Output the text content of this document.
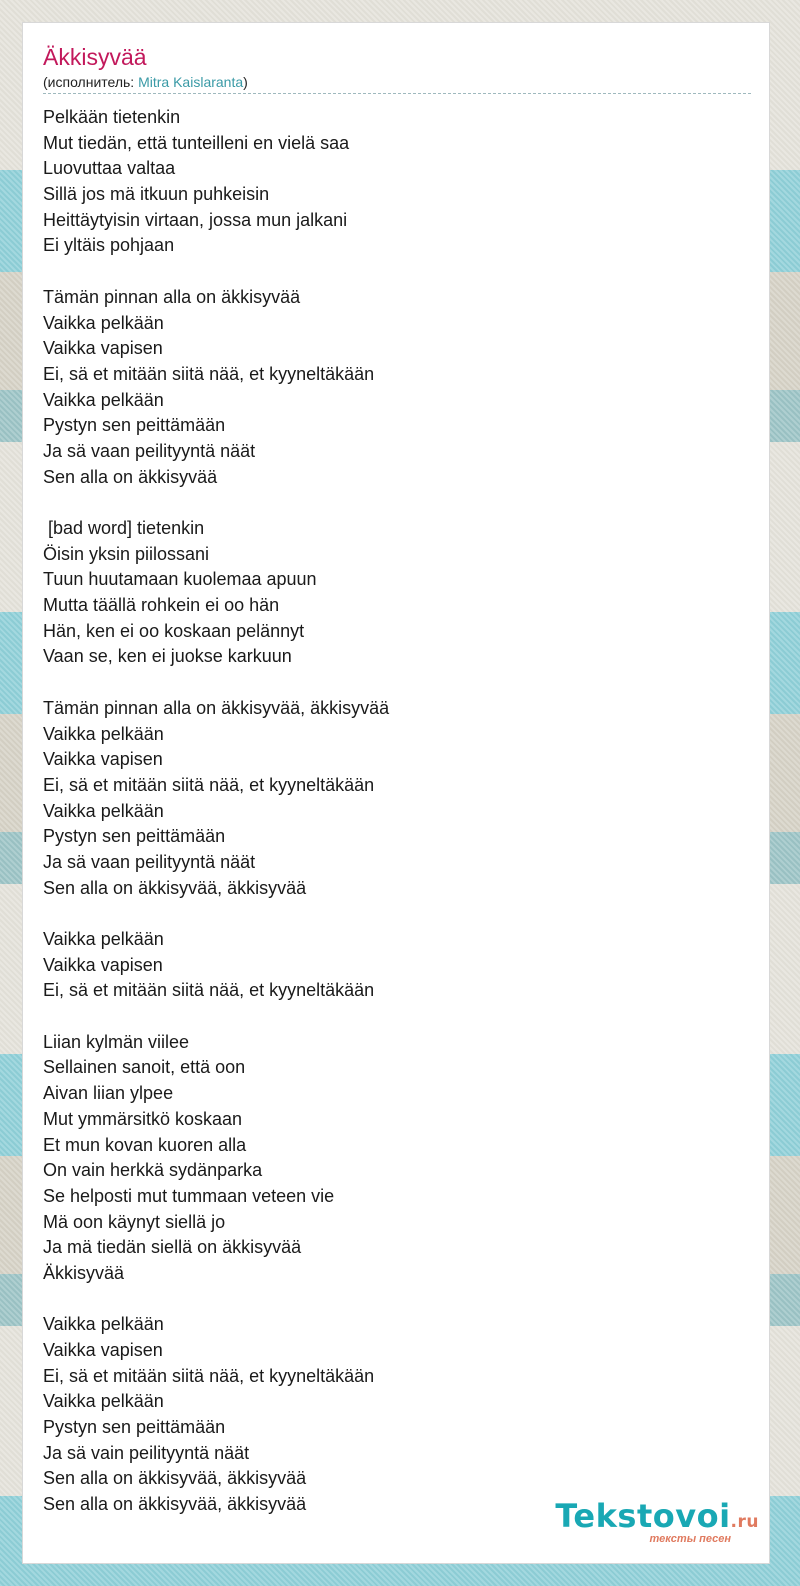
Äkkisyvää
(исполнитель: Mitra Kaislaranta)
Pelkään tietenkin
Mut tiedän, että tunteilleni en vielä saa
Luovuttaa valtaa
Sillä jos mä itkuun puhkeisin
Heittäytyisin virtaan, jossa mun jalkani
Ei yltäis pohjaan
Tämän pinnan alla on äkkisyvää
Vaikka pelkään
Vaikka vapisen
Ei, sä et mitään siitä nää, et kyyneltäkään
Vaikka pelkään
Pystyn sen peittämään
Ja sä vaan peilityyntä näät
Sen alla on äkkisyvää
[bad word] tietenkin
Öisin yksin piilossani
Tuun huutamaan kuolemaa apuun
Mutta täällä rohkein ei oo hän
Hän, ken ei oo koskaan pelännyt
Vaan se, ken ei juokse karkuun
Tämän pinnan alla on äkkisyvää, äkkisyvää
Vaikka pelkään
Vaikka vapisen
Ei, sä et mitään siitä nää, et kyyneltäkään
Vaikka pelkään
Pystyn sen peittämään
Ja sä vaan peilityyntä näät
Sen alla on äkkisyvää, äkkisyvää
Vaikka pelkään
Vaikka vapisen
Ei, sä et mitään siitä nää, et kyyneltäkään
Liian kylmän viilee
Sellainen sanoit, että oon
Aivan liian ylpee
Mut ymmärsitkö koskaan
Et mun kovan kuoren alla
On vain herkkä sydänparka
Se helposti mut tummaan veteen vie
Mä oon käynyt siellä jo
Ja mä tiedän siellä on äkkisyvää
Äkkisyvää
Vaikka pelkään
Vaikka vapisen
Ei, sä et mitään siitä nää, et kyyneltäkään
Vaikka pelkään
Pystyn sen peittämään
Ja sä vain peilityyntä näät
Sen alla on äkkisyvää, äkkisyvää
Sen alla on äkkisyvää, äkkisyvää	Tekstovoi.ru
тексты песен
